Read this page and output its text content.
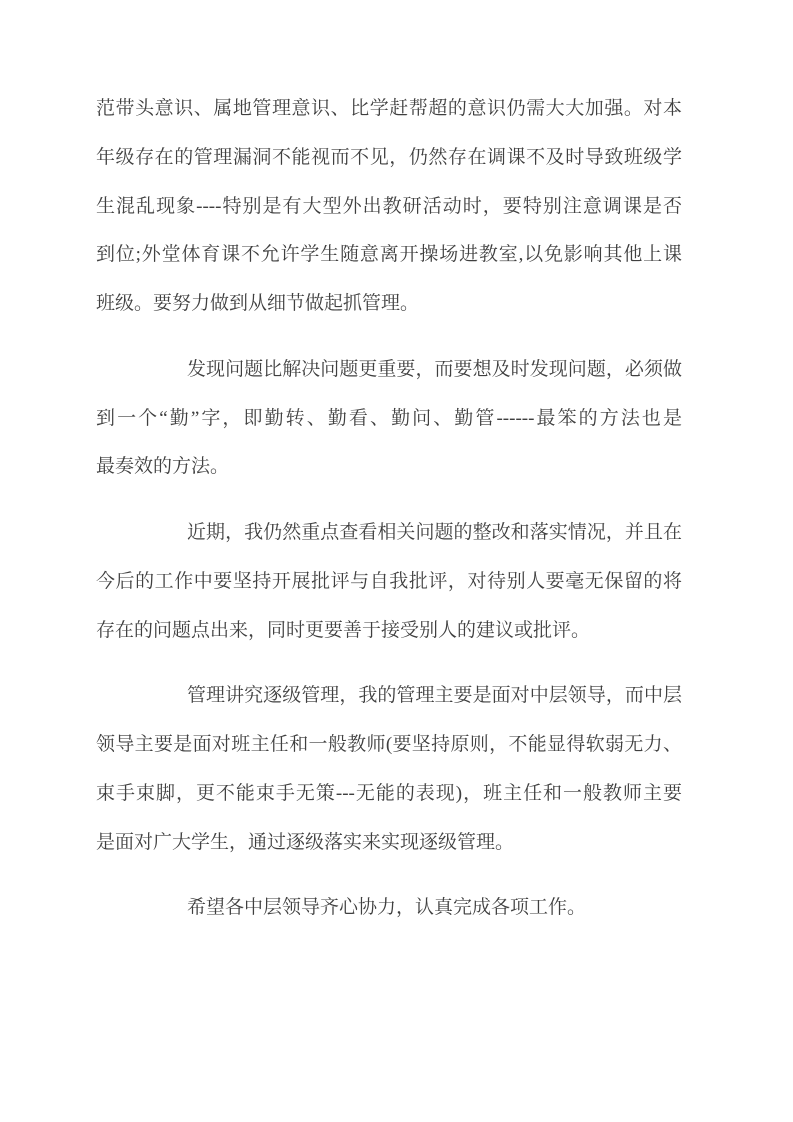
范带头意识、属地管理意识、比学赶帮超的意识仍需大大加强。对本
年级存在的管理漏洞不能视而不见，仍然存在调课不及时导致班级学
生混乱现象----特别是有大型外出教研活动时，要特别注意调课是否
到位;外堂体育课不允许学生随意离开操场进教室,以免影响其他上课
班级。要努力做到从细节做起抓管理。
发现问题比解决问题更重要，而要想及时发现问题，必须做
到一个“勤”字，即勤转、勤看、勤问、勤管------最笨的方法也是
最奏效的方法。
近期，我仍然重点查看相关问题的整改和落实情况，并且在
今后的工作中要坚持开展批评与自我批评，对待别人要毫无保留的将
存在的问题点出来，同时更要善于接受别人的建议或批评。
管理讲究逐级管理，我的管理主要是面对中层领导，而中层
领导主要是面对班主任和一般教师(要坚持原则，不能显得软弱无力、
束手束脚，更不能束手无策---无能的表现)，班主任和一般教师主要
是面对广大学生，通过逐级落实来实现逐级管理。
希望各中层领导齐心协力，认真完成各项工作。
